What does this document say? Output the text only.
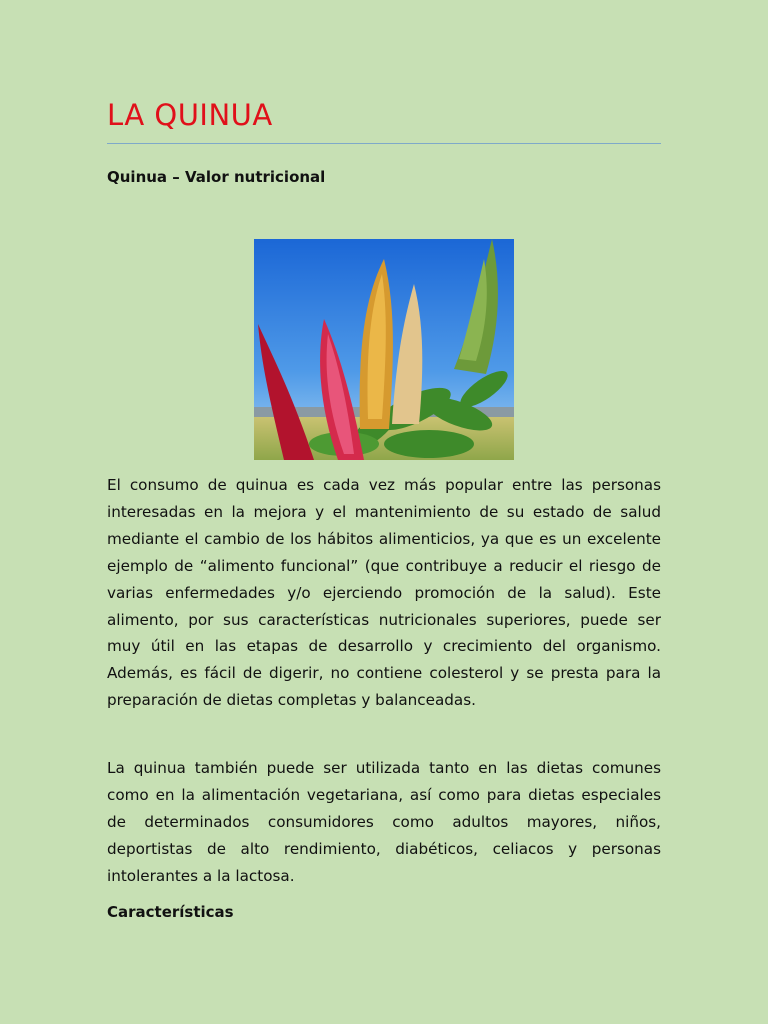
LA QUINUA

Quinua – Valor nutricional

El consumo de quinua es cada vez más popular entre las personas interesadas en la mejora y el mantenimiento de su estado de salud mediante el cambio de los hábitos alimenticios, ya que es un excelente ejemplo de “alimento funcional” (que contribuye a reducir el riesgo de varias enfermedades y/o ejerciendo promoción de la salud). Este alimento, por sus características nutricionales superiores, puede ser muy útil en las etapas de desarrollo y crecimiento del organismo. Además, es fácil de digerir, no contiene colesterol y se presta para la preparación de dietas completas y balanceadas.

La quinua también puede ser utilizada tanto en las dietas comunes como en la alimentación vegetariana, así como para dietas especiales de determinados consumidores como adultos mayores, niños, deportistas de alto rendimiento, diabéticos, celiacos y personas intolerantes a la lactosa.

Características
